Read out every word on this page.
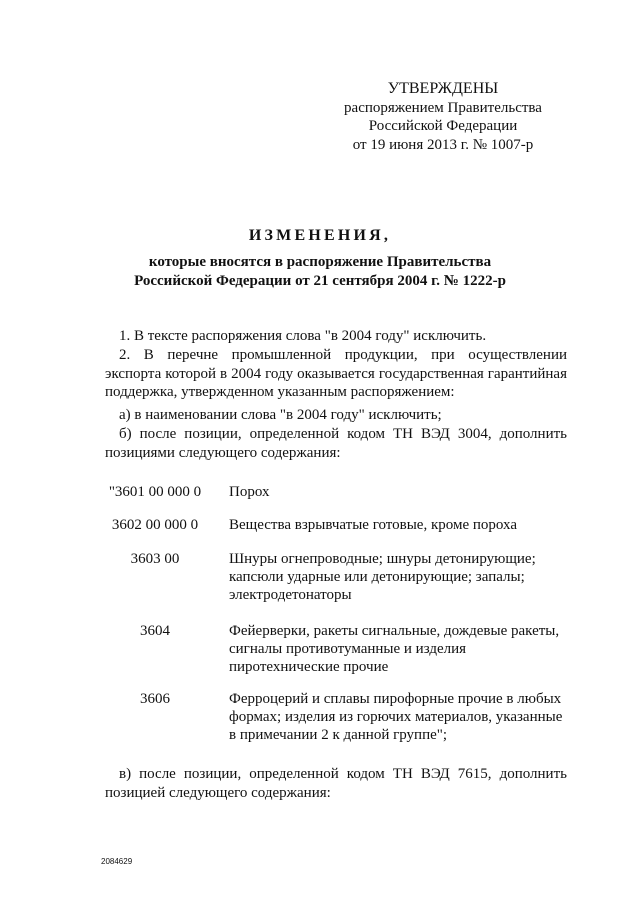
УТВЕРЖДЕНЫ
распоряжением Правительства
Российской Федерации
от 19 июня 2013 г. № 1007-р
ИЗМЕНЕНИЯ,
которые вносятся в распоряжение Правительства
Российской Федерации от 21 сентября 2004 г. № 1222-р
1. В тексте распоряжения слова "в 2004 году" исключить.
2. В перечне промышленной продукции, при осуществлении экспорта которой в 2004 году оказывается государственная гарантийная поддержка, утвержденном указанным распоряжением:
а) в наименовании слова "в 2004 году" исключить;
б) после позиции, определенной кодом ТН ВЭД 3004, дополнить позициями следующего содержания:
"3601 00 000 0	Порох
3602 00 000 0	Вещества взрывчатые готовые, кроме пороха
3603 00	Шнуры огнепроводные; шнуры детонирующие; капсюли ударные или детонирующие; запалы; электродетонаторы
3604	Фейерверки, ракеты сигнальные, дождевые ракеты, сигналы противотуманные и изделия пиротехнические прочие
3606	Ферроцерий и сплавы пирофорные прочие в любых формах; изделия из горючих материалов, указанные в примечании 2 к данной группе";
в) после позиции, определенной кодом ТН ВЭД 7615, дополнить позицией следующего содержания:
2084629
